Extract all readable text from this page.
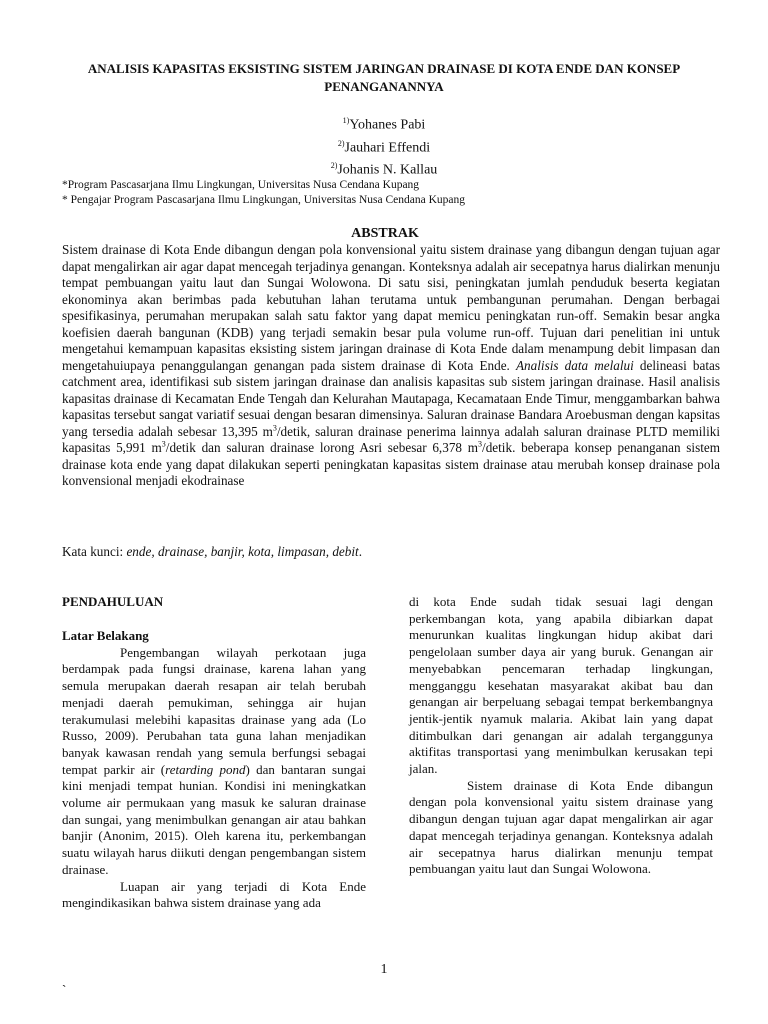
ANALISIS KAPASITAS EKSISTING SISTEM JARINGAN DRAINASE DI KOTA ENDE DAN KONSEP PENANGANANNYA
$^{1)}$Yohanes Pabi
$^{2)}$Jauhari Effendi
$^{2)}$Johanis N. Kallau
*Program Pascasarjana Ilmu Lingkungan, Universitas Nusa Cendana Kupang
* Pengajar Program Pascasarjana Ilmu Lingkungan, Universitas Nusa Cendana Kupang
ABSTRAK
Sistem drainase di Kota Ende dibangun dengan pola konvensional yaitu sistem drainase yang dibangun dengan tujuan agar dapat mengalirkan air agar dapat mencegah terjadinya genangan. Konteksnya adalah air secepatnya harus dialirkan menunju tempat pembuangan yaitu laut dan Sungai Wolowona. Di satu sisi, peningkatan jumlah penduduk beserta kegiatan ekonominya akan berimbas pada kebutuhan lahan terutama untuk pembangunan perumahan. Dengan berbagai spesifikasinya, perumahan merupakan salah satu faktor yang dapat memicu peningkatan run-off. Semakin besar angka koefisien daerah bangunan (KDB) yang terjadi semakin besar pula volume run-off. Tujuan dari penelitian ini untuk mengetahui kemampuan kapasitas eksisting sistem jaringan drainase di Kota Ende dalam menampung debit limpasan dan mengetahuiupaya penanggulangan genangan pada sistem drainase di Kota Ende. Analisis data melalui delineasi batas catchment area, identifikasi sub sistem jaringan drainase dan analisis kapasitas sub sistem jaringan drainase. Hasil analisis kapasitas drainase di Kecamatan Ende Tengah dan Kelurahan Mautapaga, Kecamataan Ende Timur, menggambarkan bahwa kapasitas tersebut sangat variatif sesuai dengan besaran dimensinya. Saluran drainase Bandara Aroebusman dengan kapsitas yang tersedia adalah sebesar 13,395 $m^3$/detik, saluran drainase penerima lainnya adalah saluran drainase PLTD memiliki kapasitas 5,991 $m^3$/detik dan saluran drainase lorong Asri sebesar 6,378 $m^3$/detik. beberapa konsep penanganan sistem drainase kota ende yang dapat dilakukan seperti peningkatan kapasitas sistem drainase atau merubah konsep drainase pola konvensional menjadi ekodrainase
Kata kunci: ende, drainase, banjir, kota, limpasan, debit.

PENDAHULUAN

Latar Belakang

Pengembangan wilayah perkotaan juga berdampak pada fungsi drainase, karena lahan yang semula merupakan daerah resapan air telah berubah menjadi daerah pemukiman, sehingga air hujan terakumulasi melebihi kapasitas drainase yang ada (Lo Russo, 2009). Perubahan tata guna lahan menjadikan banyak kawasan rendah yang semula berfungsi sebagai tempat parkir air (retarding pond) dan bantaran sungai kini menjadi tempat hunian. Kondisi ini meningkatkan volume air permukaan yang masuk ke saluran drainase dan sungai, yang menimbulkan genangan air atau bahkan banjir (Anonim, 2015). Oleh karena itu, perkembangan suatu wilayah harus diikuti dengan pengembangan sistem drainase.

Luapan air yang terjadi di Kota Ende mengindikasikan bahwa sistem drainase yang ada

di kota Ende sudah tidak sesuai lagi dengan perkembangan kota, yang apabila dibiarkan dapat menurunkan kualitas lingkungan hidup akibat dari pengelolaan sumber daya air yang buruk. Genangan air menyebabkan pencemaran terhadap lingkungan, mengganggu kesehatan masyarakat akibat bau dan genangan air berpeluang sebagai tempat berkembangnya jentik-jentik nyamuk malaria. Akibat lain yang dapat ditimbulkan dari genangan air adalah terganggunya aktifitas transportasi yang menimbulkan kerusakan tepi jalan.

Sistem drainase di Kota Ende dibangun dengan pola konvensional yaitu sistem drainase yang dibangun dengan tujuan agar dapat mengalirkan air agar dapat mencegah terjadinya genangan. Konteksnya adalah air secepatnya harus dialirkan menunju tempat pembuangan yaitu laut dan Sungai Wolowona.

1
`
